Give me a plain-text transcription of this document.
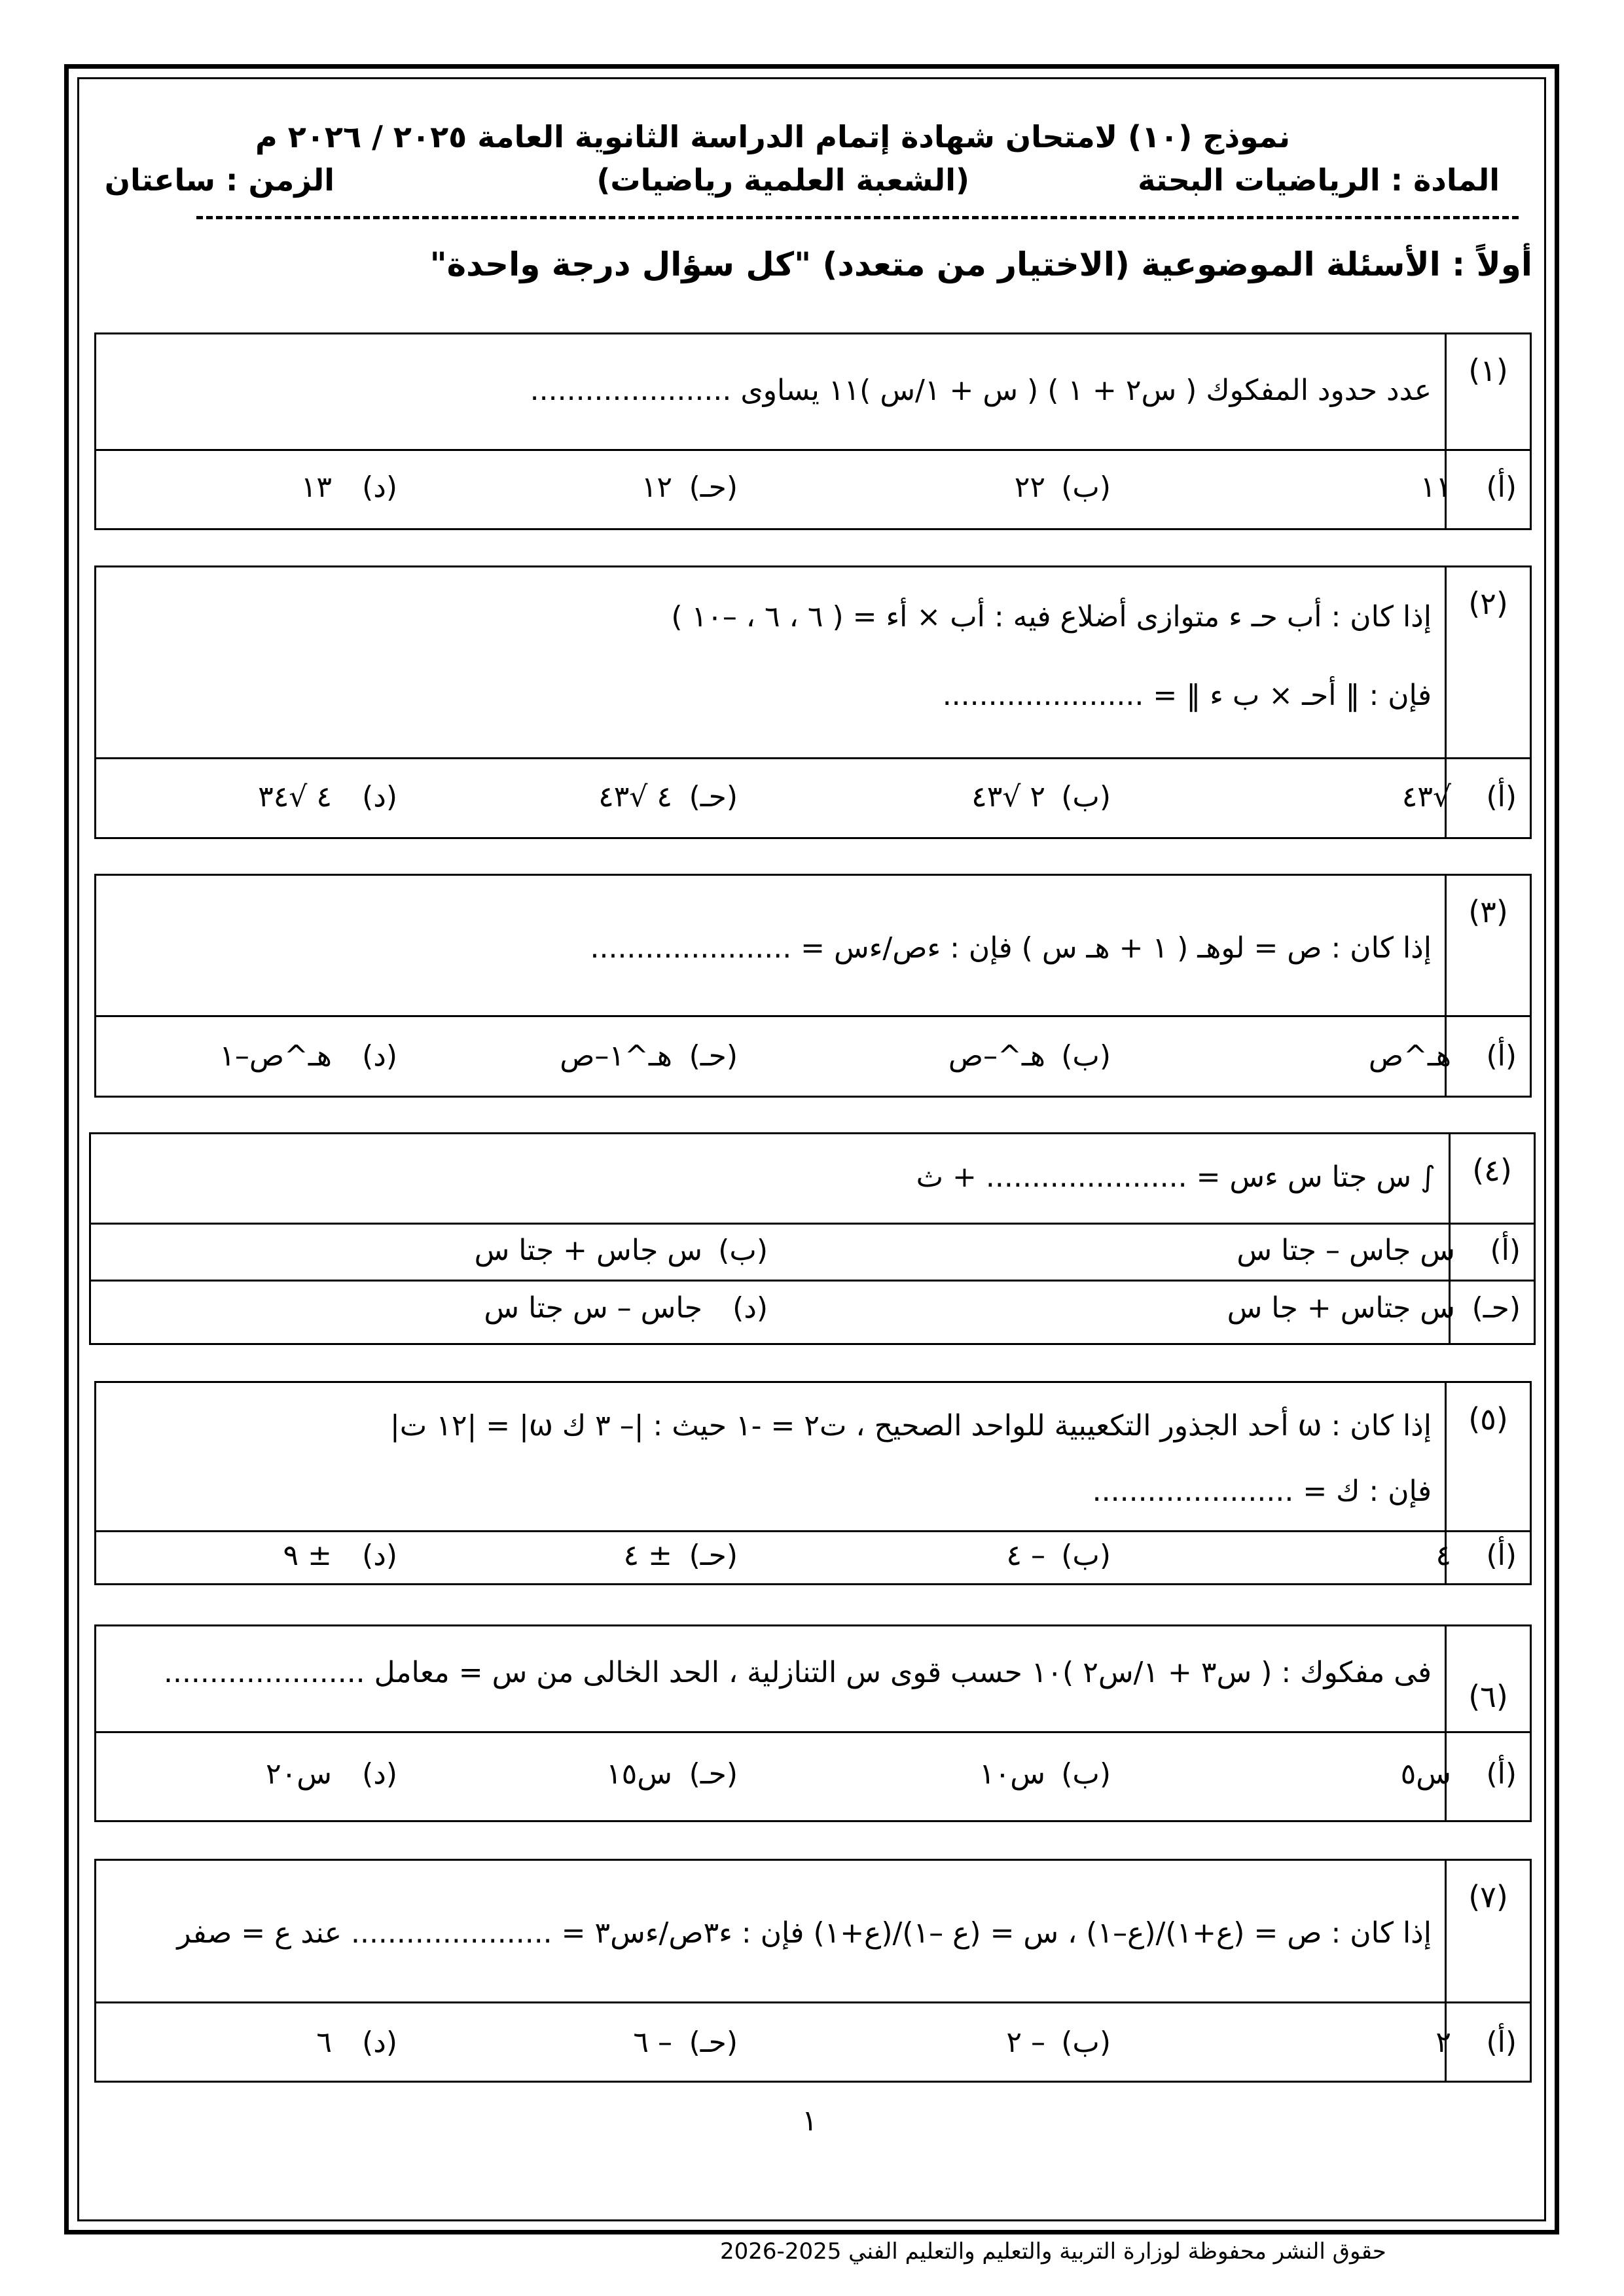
نموذج (١٠) لامتحان شهادة إتمام الدراسة الثانوية العامة ٢٠٢٥ / ٢٠٢٦ م
المادة : الرياضيات البحتة
(الشعبة العلمية رياضيات)
الزمن : ساعتان
أولاً : الأسئلة الموضوعية (الاختيار من متعدد) "كل سؤال درجة واحدة"
(١)
عدد حدود المفكوك ( س٢ + ١ ) ( س + ١/س )١١ يساوى ......................
(أ)
١١
(ب)
٢٢
(حـ)
١٢
(د)
١٣
(٢)
إذا كان : أب حـ ء متوازى أضلاع فيه : أب × أء = ( ٦ ، ٦ ، –١٠ )
فإن : ‖ أحـ × ب ء ‖ = ......................
(أ)
√٤٣
(ب)
٢ √٤٣
(حـ)
٤ √٤٣
(د)
٤ √٣٤
(٣)
إذا كان : ص = لوهـ ( ١ + هـ س ) فإن : ءص/ءس = ......................
(أ)
هـ^ص
(ب)
هـ^–ص
(حـ)
هـ^١–ص
(د)
هـ^ص–١
(٤)
∫ س جتا س ءس = ...................... + ث
(أ)
س جاس – جتا س
(ب)
س جاس + جتا س
(حـ)
س جتاس + جا س
(د)
جاس – س جتا س
(٥)
إذا كان : ω أحد الجذور التكعيبية للواحد الصحيح ، ت٢ = -١ حيث : |– ٣ ك ω| = |١٢ ت|
فإن : ك = ......................
(أ)
٤
(ب)
– ٤
(حـ)
± ٤
(د)
± ٩
(٦)
فى مفكوك : ( س٣ + ١/س٢ )١٠ حسب قوى س التنازلية ، الحد الخالى من س = معامل ......................
(أ)
س٥
(ب)
س١٠
(حـ)
س١٥
(د)
س٢٠
(٧)
إذا كان : ص = (ع+١)/(ع–١) ، س = (ع –١)/(ع+١) فإن : ء٣ص/ءس٣ = ...................... عند ع = صفر
(أ)
٢
(ب)
– ٢
(حـ)
– ٦
(د)
٦
١
حقوق النشر محفوظة لوزارة التربية والتعليم والتعليم الفني 2025-2026
